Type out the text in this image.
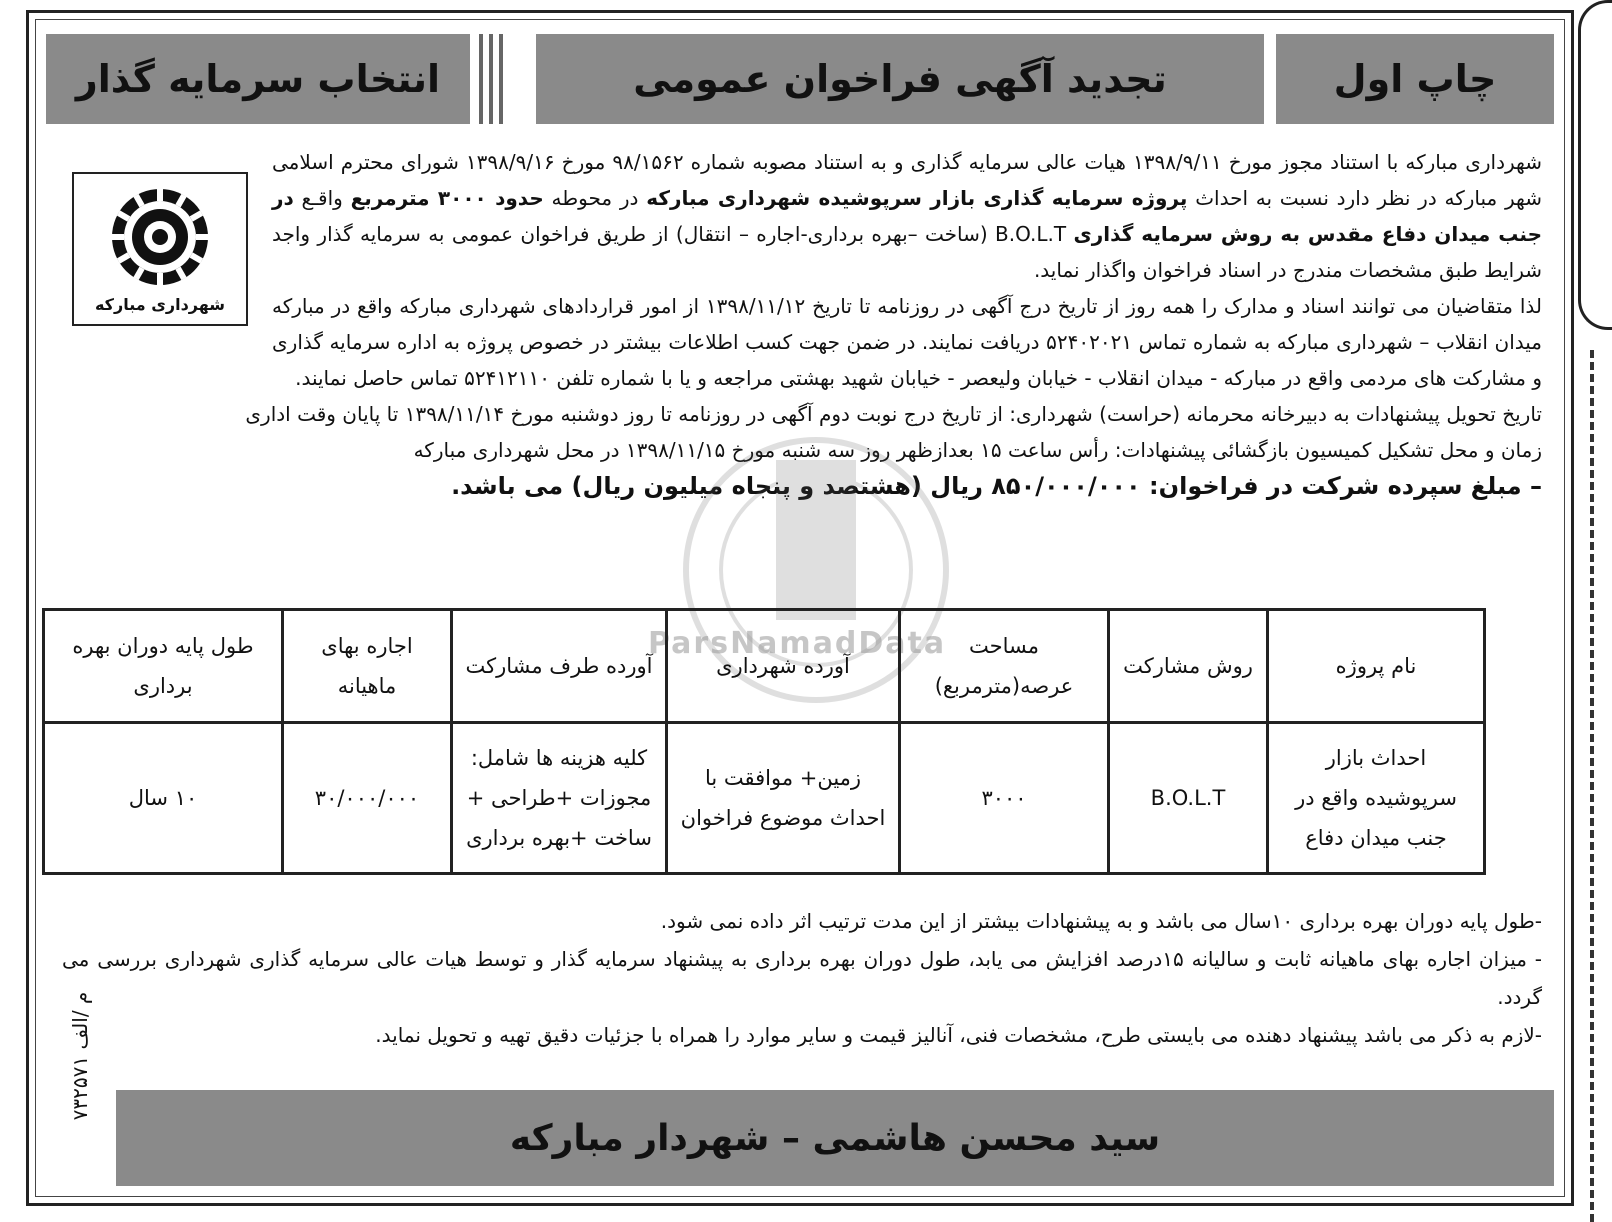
چاپ اول
تجدید آگهی فراخوان عمومی
انتخاب سرمایه گذار
شهرداری مبارکه

شهرداری مبارکه با استناد مجوز مورخ ۱۳۹۸/۹/۱۱ هیات عالی سرمایه گذاری و به استناد مصوبه شماره ۹۸/۱۵۶۲ مورخ ۱۳۹۸/۹/۱۶ شورای محترم اسلامی شهر مبارکه در نظر دارد نسبت به احداث پروژه سرمایه گذاری بازار سرپوشیده شهرداری مبارکه در محوطه حدود ۳۰۰۰ مترمربع واقـع در جنب میدان دفاع مقدس به روش سرمایه گذاری B.O.L.T (ساخت –بهره برداری-اجاره – انتقال) از طریق فراخوان عمومی به سرمایه گذار واجد شرایط طبق مشخصات مندرج در اسناد فراخوان واگذار نماید.

لذا متقاضیان می توانند اسناد و مدارک را همه روز از تاریخ درج آگهی در روزنامه تا تاریخ ۱۳۹۸/۱۱/۱۲ از امور قراردادهای شهرداری مبارکه واقع در مبارکه میدان انقلاب – شهرداری مبارکه به شماره تماس ۵۲۴۰۲۰۲۱ دریافت نمایند. در ضمن جهت کسب اطلاعات بیشتر در خصوص پروژه به اداره سرمایه گذاری و مشارکت های مردمی واقع در مبارکه - میدان انقلاب - خیابان ولیعصر - خیابان شهید بهشتی مراجعه و یا با شماره تلفن ۵۲۴۱۲۱۱۰ تماس حاصل نمایند.

تاریخ تحویل پیشنهادات به دبیرخانه محرمانه (حراست) شهرداری: از تاریخ درج نوبت دوم آگهی در روزنامه تا روز دوشنبه مورخ ۱۳۹۸/۱۱/۱۴ تا پایان وقت اداری

زمان و محل تشکیل کمیسیون بازگشائی پیشنهادات: رأس ساعت ۱۵ بعدازظهر روز سه شنبه مورخ ۱۳۹۸/۱۱/۱۵ در محل شهرداری مبارکه

– مبلغ سپرده شرکت در فراخوان: ۸۵۰/۰۰۰/۰۰۰ ریال (هشتصد و پنجاه میلیون ریال) می باشد.

ParsNamadData
نام پروژه	روش مشارکت	مساحت عرصه(مترمربع)	آورده شهرداری	آورده طرف مشارکت	اجاره بهای ماهیانه	طول پایه دوران بهره برداری
احداث بازار سرپوشیده واقع در جنب میدان دفاع	B.O.L.T	۳۰۰۰	زمین+ موافقت با احداث موضوع فراخوان	کلیه هزینه ها شامل: مجوزات +طراحی + ساخت +بهره برداری	۳۰/۰۰۰/۰۰۰	۱۰ سال

-طول پایه دوران بهره برداری ۱۰سال می باشد و به پیشنهادات بیشتر از این مدت ترتیب اثر داده نمی شود.

- میزان اجاره بهای ماهیانه ثابت و سالیانه ۱۵درصد افزایش می یابد، طول دوران بهره برداری به پیشنهاد سرمایه گذار و توسط هیات عالی سرمایه گذاری شهرداری بررسی می گردد.

-لازم به ذکر می باشد پیشنهاد دهنده می بایستی طرح، مشخصات فنی، آنالیز قیمت و سایر موارد را همراه با جزئیات دقیق تهیه و تحویل نماید.

۷۳۲۵۷۱ م /الف
سید محسن هاشمی – شهردار مبارکه
